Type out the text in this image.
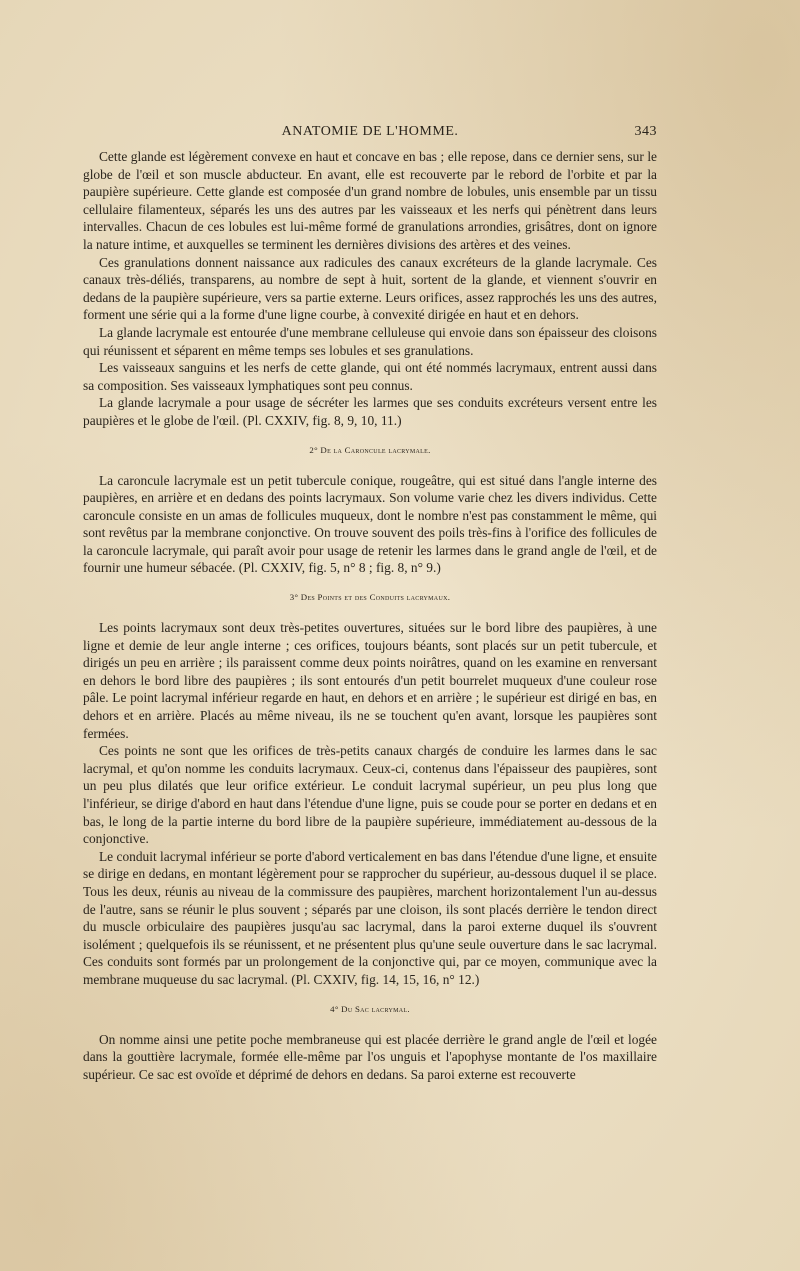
ANATOMIE DE L'HOMME.	343

Cette glande est légèrement convexe en haut et concave en bas ; elle repose, dans ce dernier sens, sur le globe de l'œil et son muscle abducteur. En avant, elle est recouverte par le rebord de l'orbite et par la paupière supérieure. Cette glande est composée d'un grand nombre de lobules, unis ensemble par un tissu cellulaire filamenteux, séparés les uns des autres par les vaisseaux et les nerfs qui pénètrent dans leurs intervalles. Chacun de ces lobules est lui-même formé de granulations arrondies, grisâtres, dont on ignore la nature intime, et auxquelles se terminent les dernières divisions des artères et des veines.

Ces granulations donnent naissance aux radicules des canaux excréteurs de la glande lacrymale. Ces canaux très-déliés, transparens, au nombre de sept à huit, sortent de la glande, et viennent s'ouvrir en dedans de la paupière supérieure, vers sa partie externe. Leurs orifices, assez rapprochés les uns des autres, forment une série qui a la forme d'une ligne courbe, à convexité dirigée en haut et en dehors.

La glande lacrymale est entourée d'une membrane celluleuse qui envoie dans son épaisseur des cloisons qui réunissent et séparent en même temps ses lobules et ses granulations.

Les vaisseaux sanguins et les nerfs de cette glande, qui ont été nommés lacrymaux, entrent aussi dans sa composition. Ses vaisseaux lymphatiques sont peu connus.

La glande lacrymale a pour usage de sécréter les larmes que ses conduits excréteurs versent entre les paupières et le globe de l'œil. (Pl. CXXIV, fig. 8, 9, 10, 11.)

2° De la Caroncule lacrymale.

La caroncule lacrymale est un petit tubercule conique, rougeâtre, qui est situé dans l'angle interne des paupières, en arrière et en dedans des points lacrymaux. Son volume varie chez les divers individus. Cette caroncule consiste en un amas de follicules muqueux, dont le nombre n'est pas constamment le même, qui sont revêtus par la membrane conjonctive. On trouve souvent des poils très-fins à l'orifice des follicules de la caroncule lacrymale, qui paraît avoir pour usage de retenir les larmes dans le grand angle de l'œil, et de fournir une humeur sébacée. (Pl. CXXIV, fig. 5, n° 8 ; fig. 8, n° 9.)

3° Des Points et des Conduits lacrymaux.

Les points lacrymaux sont deux très-petites ouvertures, situées sur le bord libre des paupières, à une ligne et demie de leur angle interne ; ces orifices, toujours béants, sont placés sur un petit tubercule, et dirigés un peu en arrière ; ils paraissent comme deux points noirâtres, quand on les examine en renversant en dehors le bord libre des paupières ; ils sont entourés d'un petit bourrelet muqueux d'une couleur rose pâle. Le point lacrymal inférieur regarde en haut, en dehors et en arrière ; le supérieur est dirigé en bas, en dehors et en arrière. Placés au même niveau, ils ne se touchent qu'en avant, lorsque les paupières sont fermées.

Ces points ne sont que les orifices de très-petits canaux chargés de conduire les larmes dans le sac lacrymal, et qu'on nomme les conduits lacrymaux. Ceux-ci, contenus dans l'épaisseur des paupières, sont un peu plus dilatés que leur orifice extérieur. Le conduit lacrymal supérieur, un peu plus long que l'inférieur, se dirige d'abord en haut dans l'étendue d'une ligne, puis se coude pour se porter en dedans et en bas, le long de la partie interne du bord libre de la paupière supérieure, immédiatement au-dessous de la conjonctive.

Le conduit lacrymal inférieur se porte d'abord verticalement en bas dans l'étendue d'une ligne, et ensuite se dirige en dedans, en montant légèrement pour se rapprocher du supérieur, au-dessous duquel il se place. Tous les deux, réunis au niveau de la commissure des paupières, marchent horizontalement l'un au-dessus de l'autre, sans se réunir le plus souvent ; séparés par une cloison, ils sont placés derrière le tendon direct du muscle orbiculaire des paupières jusqu'au sac lacrymal, dans la paroi externe duquel ils s'ouvrent isolément ; quelquefois ils se réunissent, et ne présentent plus qu'une seule ouverture dans le sac lacrymal. Ces conduits sont formés par un prolongement de la conjonctive qui, par ce moyen, communique avec la membrane muqueuse du sac lacrymal. (Pl. CXXIV, fig. 14, 15, 16, n° 12.)

4° Du Sac lacrymal.

On nomme ainsi une petite poche membraneuse qui est placée derrière le grand angle de l'œil et logée dans la gouttière lacrymale, formée elle-même par l'os unguis et l'apophyse montante de l'os maxillaire supérieur. Ce sac est ovoïde et déprimé de dehors en dedans. Sa paroi externe est recouverte
